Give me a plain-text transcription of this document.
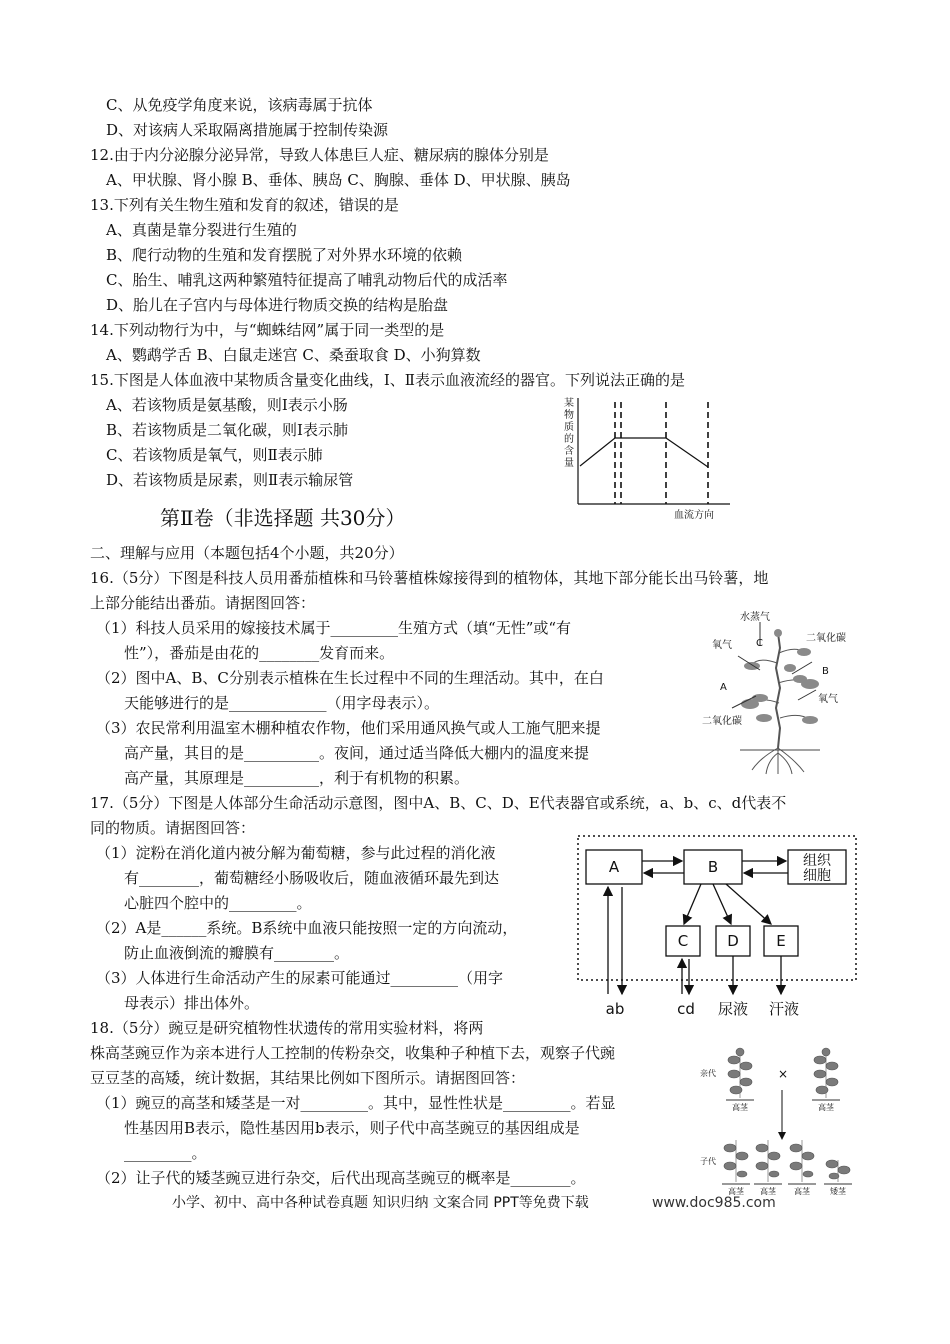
C、从免疫学角度来说，该病毒属于抗体
D、对该病人采取隔离措施属于控制传染源
12.由于内分泌腺分泌异常，导致人体患巨人症、糖尿病的腺体分别是
A、甲状腺、肾小腺 B、垂体、胰岛 C、胸腺、垂体 D、甲状腺、胰岛
13.下列有关生物生殖和发育的叙述，错误的是
A、真菌是靠分裂进行生殖的
B、爬行动物的生殖和发育摆脱了对外界水环境的依赖
C、胎生、哺乳这两种繁殖特征提高了哺乳动物后代的成活率
D、胎儿在子宫内与母体进行物质交换的结构是胎盘
14.下列动物行为中，与“蜘蛛结网”属于同一类型的是
A、鹦鹉学舌 B、白鼠走迷宫 C、桑蚕取食 D、小狗算数
15.下图是人体血液中某物质含量变化曲线，Ⅰ、Ⅱ表示血液流经的器官。下列说法正确的是
A、若该物质是氨基酸，则Ⅰ表示小肠
B、若该物质是二氧化碳，则Ⅰ表示肺
C、若该物质是氧气，则Ⅱ表示肺
D、若该物质是尿素，则Ⅱ表示输尿管
某
物
质
的
含
量
血流方向
第Ⅱ卷（非选择题 共30分）
二、理解与应用（本题包括4个小题，共20分）
16.（5分）下图是科技人员用番茄植株和马铃薯植株嫁接得到的植物体，其地下部分能长出马铃薯，地
上部分能结出番茄。请据图回答：
（1）科技人员采用的嫁接技术属于_________生殖方式（填“无性”或“有
性”），番茄是由花的________发育而来。
（2）图中A、B、C分别表示植株在生长过程中不同的生理活动。其中，在白
天能够进行的是_____________（用字母表示）。
（3）农民常利用温室木棚种植农作物，他们采用通风换气或人工施气肥来提
高产量，其目的是__________。夜间，通过适当降低大棚内的温度来提
高产量，其原理是__________，利于有机物的积累。
水蒸气
氧气 C	二氧化碳
B
氧气
A
二氧化碳
17.（5分）下图是人体部分生命活动示意图，图中A、B、C、D、E代表器官或系统，a、b、c、d代表不
同的物质。请据图回答：
（1）淀粉在消化道内被分解为葡萄糖，参与此过程的消化液
有________，葡萄糖经小肠吸收后，随血液循环最先到达
心脏四个腔中的_________。
（2）A是______系统。B系统中血液只能按照一定的方向流动，
防止血液倒流的瓣膜有________。
（3）人体进行生命活动产生的尿素可能通过_________（用字
母表示）排出体外。
A	B
C	D E
组织
细胞
ab	cd 尿液 汗液
18.（5分）豌豆是研究植物性状遗传的常用实验材料，将两
株高茎豌豆作为亲本进行人工控制的传粉杂交，收集种子种植下去，观察子代豌
豆豆茎的高矮，统计数据，其结果比例如下图所示。请据图回答：
（1）豌豆的高茎和矮茎是一对_________。其中，显性性状是_________。若显
性基因用B表示，隐性基因用b表示，则子代中高茎豌豆的基因组成是
_________。
（2）让子代的矮茎豌豆进行杂交，后代出现高茎豌豆的概率是________。
亲代
子代
×
高茎	高茎
高茎 高茎 高茎	矮茎
小学、初中、高中各种试卷真题 知识归纳 文案合同 PPT等免费下载	www.doc985.com
